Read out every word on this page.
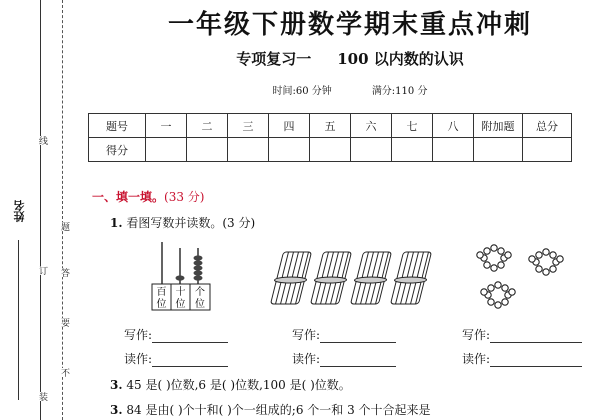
线
订
装
题
答
要
不
姓名
一年级下册数学期末重点冲刺
专项复习一 100 以内数的认识
时间:60 分钟	满分:110 分
题号	一	二	三	四	五	六	七	八	附加题	总分
得分										
一、填一填。(33 分)
1. 看图写数并读数。(3 分)
百
位
十
位
个
位
写作:
读作:
写作:
读作:
写作:
读作:
3. 45 是( )位数,6 是( )位数,100 是( )位数。
3. 84 是由( )个十和( )个一组成的;6 个一和 3 个十合起来是
